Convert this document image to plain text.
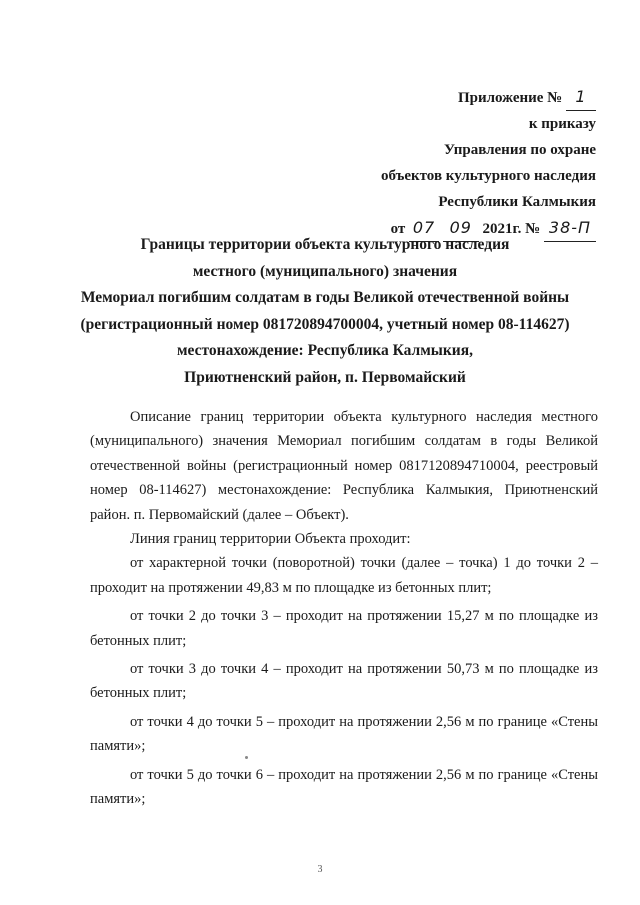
Приложение № 1
к приказу
Управления по охране
объектов культурного наследия
Республики Калмыкия
от 07 09 2021г. № 38-П
Границы территории объекта культурного наследия
местного (муниципального) значения
Мемориал погибшим солдатам в годы Великой отечественной войны
(регистрационный номер 081720894700004, учетный номер 08-114627)
местонахождение: Республика Калмыкия,
Приютненский район, п. Первомайский

Описание границ территории объекта культурного наследия местного (муниципального) значения Мемориал погибшим солдатам в годы Великой отечественной войны (регистрационный номер 0817120894710004, реестровый номер 08-114627) местонахождение: Республика Калмыкия, Приютненский район. п. Первомайский (далее – Объект).

Линия границ территории Объекта проходит:

от характерной точки (поворотной) точки (далее – точка) 1 до точки 2 – проходит на протяжении 49,83 м по площадке из бетонных плит;

от точки 2 до точки 3 – проходит на протяжении 15,27 м по площадке из бетонных плит;

от точки 3 до точки 4 – проходит на протяжении 50,73 м по площадке из бетонных плит;

от точки 4 до точки 5 – проходит на протяжении 2,56 м по границе «Стены памяти»;

от точки 5 до точки 6 – проходит на протяжении 2,56 м по границе «Стены памяти»;

3
